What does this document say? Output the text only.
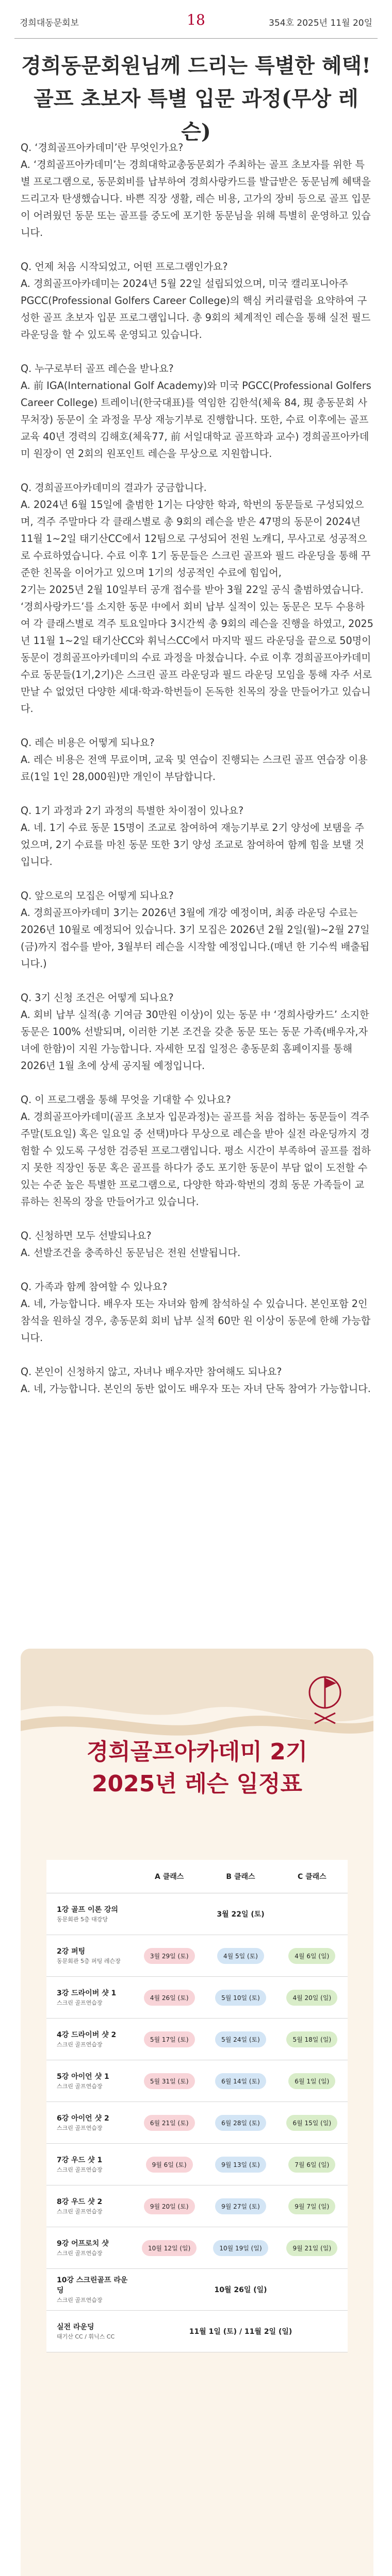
경희대동문회보	18	354호 2025년 11월 20일
경희동문회원님께 드리는 특별한 혜택!
골프 초보자 특별 입문 과정(무상 레슨)

Q. ‘경희골프아카데미’란 무엇인가요?

A. ‘경희골프아카데미’는 경희대학교총동문회가 주최하는 골프 초보자를 위한 특별 프로그램으로, 동문회비를 납부하여 경희사랑카드를 발급받은 동문님께 혜택을 드리고자 탄생했습니다. 바쁜 직장 생활, 레슨 비용, 고가의 장비 등으로 골프 입문이 어려웠던 동문 또는 골프를 중도에 포기한 동문님을 위해 특별히 운영하고 있습니다.

Q. 언제 처음 시작되었고, 어떤 프로그램인가요?

A. 경희골프아카데미는 2024년 5월 22일 설립되었으며, 미국 캘리포니아주 PGCC(Professional Golfers Career College)의 핵심 커리큘럼을 요약하여 구성한 골프 초보자 입문 프로그램입니다. 총 9회의 체계적인 레슨을 통해 실전 필드 라운딩을 할 수 있도록 운영되고 있습니다.

Q. 누구로부터 골프 레슨을 받나요?

A. 前 IGA(International Golf Academy)와 미국 PGCC(Professional Golfers Career College) 트레이너(한국대표)를 역임한 김한석(체육 84, 現 총동문회 사무처장) 동문이 全 과정을 무상 재능기부로 진행합니다. 또한, 수료 이후에는 골프 교육 40년 경력의 김해호(체육77, 前 서일대학교 골프학과 교수) 경희골프아카데미 원장이 연 2회의 원포인트 레슨을 무상으로 지원합니다.

Q. 경희골프아카데미의 결과가 궁금합니다.

A. 2024년 6월 15일에 출범한 1기는 다양한 학과, 학번의 동문들로 구성되었으며, 격주 주말마다 각 클래스별로 총 9회의 레슨을 받은 47명의 동문이 2024년 11월 1~2일 태기산CC에서 12팀으로 구성되어 전원 노캐디, 무사고로 성공적으로 수료하였습니다. 수료 이후 1기 동문들은 스크린 골프와 필드 라운딩을 통해 꾸준한 친목을 이어가고 있으며 1기의 성공적인 수료에 힘입어,
2기는 2025년 2월 10일부터 공개 접수를 받아 3월 22일 공식 출범하였습니다. ‘경희사랑카드’를 소지한 동문 中에서 회비 납부 실적이 있는 동문은 모두 수용하여 각 클래스별로 격주 토요일마다 3시간씩 총 9회의 레슨을 진행을 하였고, 2025년 11월 1~2일 태기산CC와 휘닉스CC에서 마지막 필드 라운딩을 끝으로 50명이 동문이 경희골프아카데미의 수료 과정을 마쳤습니다. 수료 이후 경희골프아카데미 수료 동문들(1기,2기)은 스크린 골프 라운딩과 필드 라운딩 모임을 통해 자주 서로 만날 수 없었던 다양한 세대·학과·학번들이 돈독한 친목의 장을 만들어가고 있습니다.

Q. 레슨 비용은 어떻게 되나요?

A. 레슨 비용은 전액 무료이며, 교육 및 연습이 진행되는 스크린 골프 연습장 이용료(1일 1인 28,000원)만 개인이 부담합니다.

Q. 1기 과정과 2기 과정의 특별한 차이점이 있나요?

A. 네. 1기 수료 동문 15명이 조교로 참여하여 재능기부로 2기 양성에 보탬을 주었으며, 2기 수료를 마친 동문 또한 3기 양성 조교로 참여하여 함께 힘을 보탤 것입니다.

Q. 앞으로의 모집은 어떻게 되나요?

A. 경희골프아카데미 3기는 2026년 3월에 개강 예정이며, 최종 라운딩 수료는 2026년 10월로 예정되어 있습니다. 3기 모집은 2026년 2월 2일(월)~2월 27일(금)까지 접수를 받아, 3월부터 레슨을 시작할 예정입니다.(매년 한 기수씩 배출됩니다.)

Q. 3기 신청 조건은 어떻게 되나요?

A. 회비 납부 실적(총 기여금 30만원 이상)이 있는 동문 中 ‘경희사랑카드’ 소지한 동문은 100% 선발되며, 이러한 기본 조건을 갖춘 동문 또는 동문 가족(배우자,자녀에 한함)이 지원 가능합니다. 자세한 모집 일정은 총동문회 홈페이지를 통해 2026년 1월 초에 상세 공지될 예정입니다.

Q. 이 프로그램을 통해 무엇을 기대할 수 있나요?

A. 경희골프아카데미(골프 초보자 입문과정)는 골프를 처음 접하는 동문들이 격주 주말(토요일) 혹은 일요일 중 선택)마다 무상으로 레슨을 받아 실전 라운딩까지 경험할 수 있도록 구성한 검증된 프로그램입니다. 평소 시간이 부족하여 골프를 접하지 못한 직장인 동문 혹은 골프를 하다가 중도 포기한 동문이 부담 없이 도전할 수 있는 수준 높은 특별한 프로그램으로, 다양한 학과·학번의 경희 동문 가족들이 교류하는 친목의 장을 만들어가고 있습니다.

Q. 신청하면 모두 선발되나요?

A. 선발조건을 충족하신 동문님은 전원 선발됩니다.

Q. 가족과 함께 참여할 수 있나요?

A. 네, 가능합니다. 배우자 또는 자녀와 함께 참석하실 수 있습니다. 본인포함 2인 참석을 원하실 경우, 총동문회 회비 납부 실적 60만 원 이상이 동문에 한해 가능합니다.

Q. 본인이 신청하지 않고, 자녀나 배우자만 참여해도 되나요?

A. 네, 가능합니다. 본인의 동반 없이도 배우자 또는 자녀 단독 참여가 가능합니다.

경희골프아카데미 2기
2025년 레슨 일정표
	A 클래스	B 클래스	C 클래스

1강 골프 이론 강의
동문회관 5층 대강당	3월 22일 (토)		

2강 퍼팅
동문회관 5층 퍼팅 레슨장	3월 29일 (토)	4월 5일 (토)	4월 6일 (일)

3강 드라이버 샷 1
스크린 골프연습장	4월 26일 (토)	5월 10일 (토)	4월 20일 (일)

4강 드라이버 샷 2
스크린 골프연습장	5월 17일 (토)	5월 24일 (토)	5월 18일 (일)

5강 아이언 샷 1
스크린 골프연습장	5월 31일 (토)	6월 14일 (토)	6월 1일 (일)

6강 아이언 샷 2
스크린 골프연습장	6월 21일 (토)	6월 28일 (토)	6월 15일 (일)

7강 우드 샷 1
스크린 골프연습장	9월 6일 (토)	9월 13일 (토)	7월 6일 (일)

8강 우드 샷 2
스크린 골프연습장	9월 20일 (토)	9월 27일 (토)	9월 7일 (일)

9강 어프로치 샷
스크린 골프연습장	10월 12일 (일)	10월 19일 (일)	9월 21일 (일)

10강 스크린골프 라운딩
스크린 골프연습장	10월 26일 (일)		

실전 라운딩
태기산 CC / 휘닉스 CC	11월 1일 (토) / 11월 2일 (일)		
